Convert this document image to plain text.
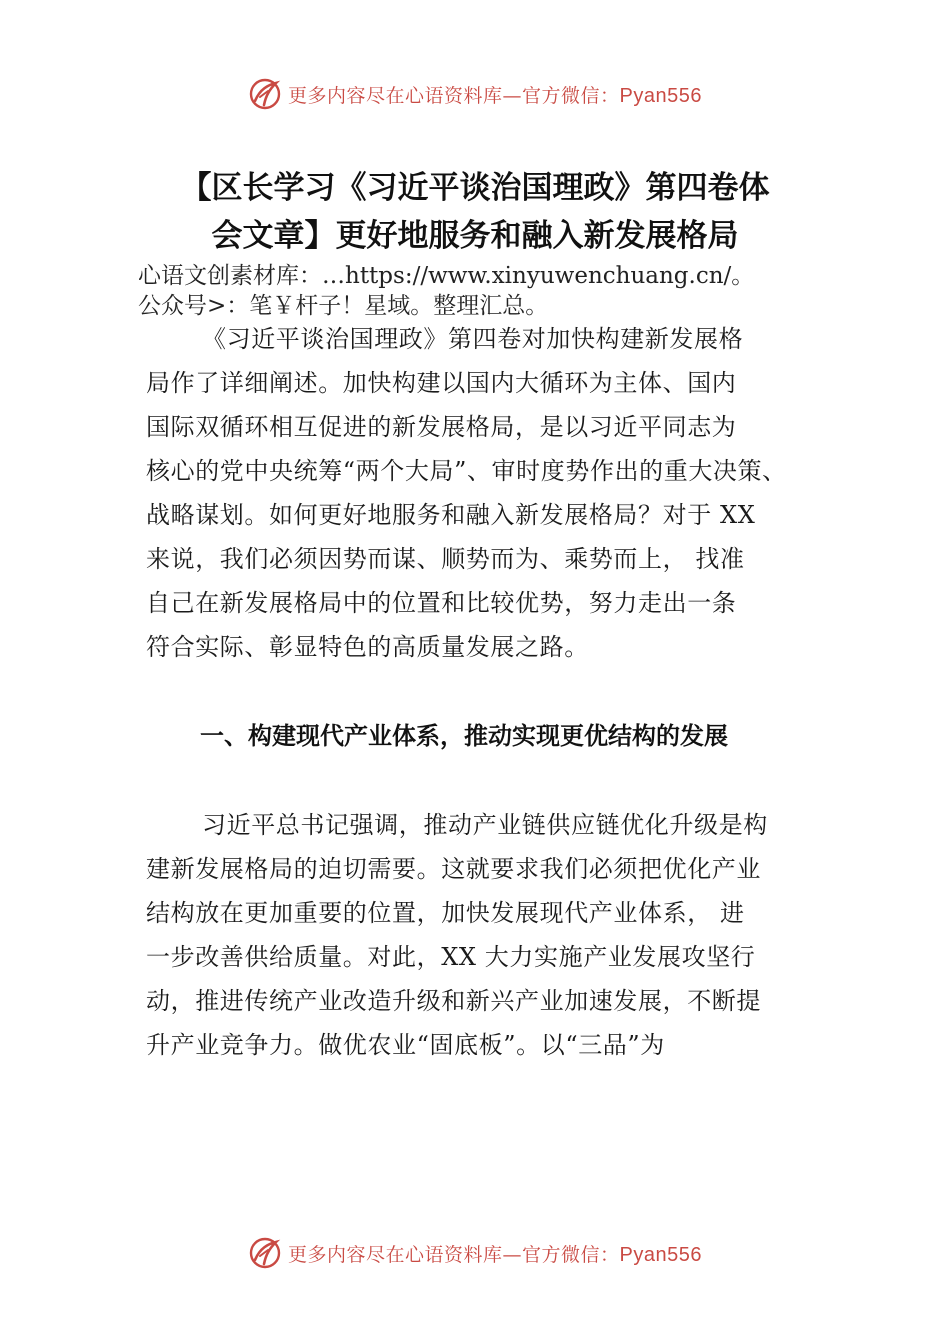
更多内容尽在心语资料库—官方微信：Pyan556
【区长学习《习近平谈治国理政》第四卷体
会文章】更好地服务和融入新发展格局
心语文创素材库：…https://www.xinyuwenchuang.cn/。
公众号>：笔￥杆子！星域。整理汇总。
《习近平谈治国理政》第四卷对加快构建新发展格
局作了详细阐述。加快构建以国内大循环为主体、国内
国际双循环相互促进的新发展格局，是以习近平同志为
核心的党中央统筹“两个大局”、审时度势作出的重大决策、
战略谋划。如何更好地服务和融入新发展格局？对于 XX
来说，我们必须因势而谋、顺势而为、乘势而上， 找准
自己在新发展格局中的位置和比较优势，努力走出一条
符合实际、彰显特色的高质量发展之路。
一、构建现代产业体系，推动实现更优结构的发展
习近平总书记强调，推动产业链供应链优化升级是构
建新发展格局的迫切需要。这就要求我们必须把优化产业
结构放在更加重要的位置，加快发展现代产业体系， 进
一步改善供给质量。对此，XX 大力实施产业发展攻坚行
动，推进传统产业改造升级和新兴产业加速发展，不断提
升产业竞争力。做优农业“固底板”。以“三品”为
更多内容尽在心语资料库—官方微信：Pyan556
